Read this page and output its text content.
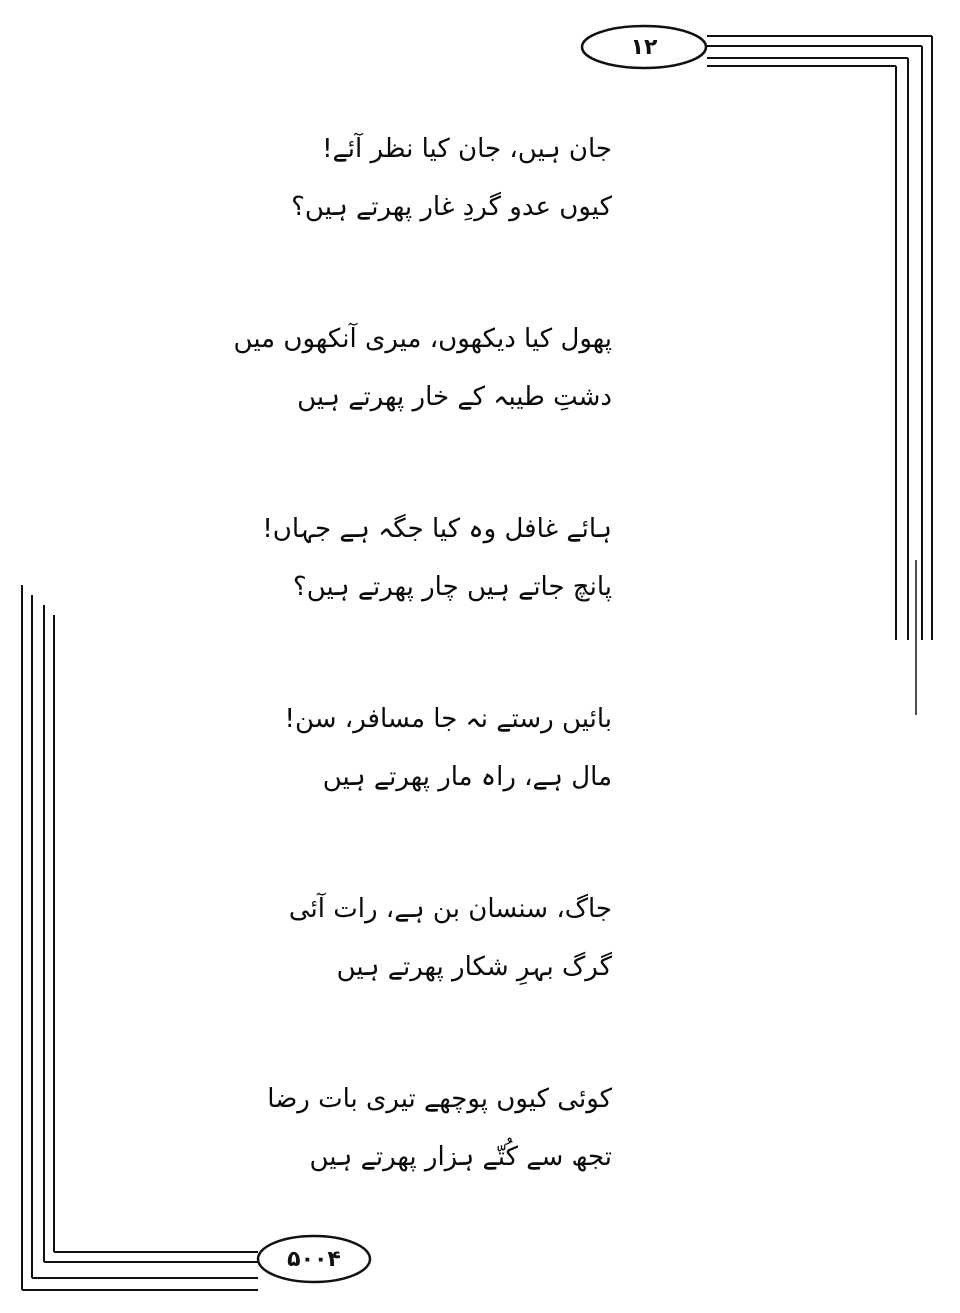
۱۲
۵۰۰۴
جان ہیں، جان کیا نظر آئے!
کیوں عدو گردِ غار پھرتے ہیں؟
پھول کیا دیکھوں، میری آنکھوں میں
دشتِ طیبہ کے خار پھرتے ہیں
ہائے غافل وہ کیا جگہ ہے جہاں!
پانچ جاتے ہیں چار پھرتے ہیں؟
بائیں رستے نہ جا مسافر، سن!
مال ہے، راہ مار پھرتے ہیں
جاگ، سنسان بن ہے، رات آئی
گرگ بہرِ شکار پھرتے ہیں
کوئی کیوں پوچھے تیری بات رضا
تجھ سے کُتّے ہزار پھرتے ہیں
